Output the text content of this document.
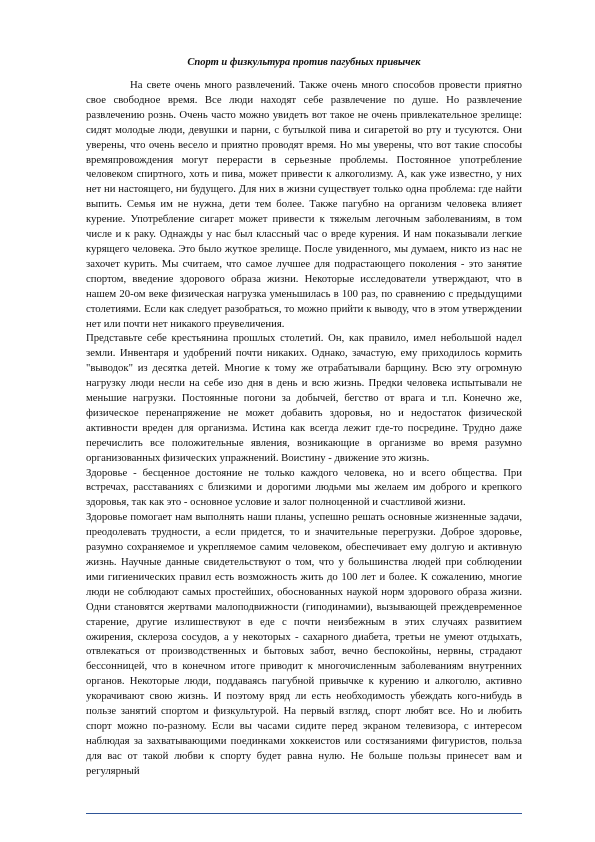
Спорт и физкультура против пагубных привычек

На свете очень много развлечений. Также очень много способов провести приятно свое свободное время. Все люди находят себе развлечение по душе. Но развлечение развлечению рознь. Очень часто можно увидеть вот такое не очень привлекательное зрелище: сидят молодые люди, девушки и парни, с бутылкой пива и сигаретой во рту и тусуются. Они уверены, что очень весело и приятно проводят время. Но мы уверены, что вот такие способы времяпровождения могут перерасти в серьезные проблемы. Постоянное употребление человеком спиртного, хоть и пива, может привести к алкоголизму. А, как уже известно, у них нет ни настоящего, ни будущего. Для них в жизни существует только одна проблема: где найти выпить. Семья им не нужна, дети тем более. Также пагубно на организм человека влияет курение. Употребление сигарет может привести к тяжелым легочным заболеваниям, в том числе и к раку. Однажды у нас был классный час о вреде курения. И нам показывали легкие курящего человека. Это было жуткое зрелище. После увиденного, мы думаем, никто из нас не захочет курить. Мы считаем, что самое лучшее для подрастающего поколения - это занятие спортом, введение здорового образа жизни. Некоторые исследователи утверждают, что в нашем 20-ом веке физическая нагрузка уменьшилась в 100 раз, по сравнению с предыдущими столетиями. Если как следует разобраться, то можно прийти к выводу, что в этом утверждении нет или почти нет никакого преувеличения.

Представьте себе крестьянина прошлых столетий. Он, как правило, имел небольшой надел земли. Инвентаря и удобрений почти никаких. Однако, зачастую, ему приходилось кормить "выводок" из десятка детей. Многие к тому же отрабатывали барщину. Всю эту огромную нагрузку люди несли на себе изо дня в день и всю жизнь. Предки человека испытывали не меньшие нагрузки. Постоянные погони за добычей, бегство от врага и т.п. Конечно же, физическое перенапряжение не может добавить здоровья, но и недостаток физической активности вреден для организма. Истина как всегда лежит где-то посредине. Трудно даже перечислить все положительные явления, возникающие в организме во время разумно организованных физических упражнений. Воистину - движение это жизнь.

Здоровье - бесценное достояние не только каждого человека, но и всего общества. При встречах, расставаниях с близкими и дорогими людьми мы желаем им доброго и крепкого здоровья, так как это - основное условие и залог полноценной и счастливой жизни.

Здоровье помогает нам выполнять наши планы, успешно решать основные жизненные задачи, преодолевать трудности, а если придется, то и значительные перегрузки. Доброе здоровье, разумно сохраняемое и укрепляемое самим человеком, обеспечивает ему долгую и активную жизнь. Научные данные свидетельствуют о том, что у большинства людей при соблюдении ими гигиенических правил есть возможность жить до 100 лет и более. К сожалению, многие люди не соблюдают самых простейших, обоснованных наукой норм здорового образа жизни. Одни становятся жертвами малоподвижности (гиподинамии), вызывающей преждевременное старение, другие излишествуют в еде с почти неизбежным в этих случаях развитием ожирения, склероза сосудов, а у некоторых - сахарного диабета, третьи не умеют отдыхать, отвлекаться от производственных и бытовых забот, вечно беспокойны, нервны, страдают бессонницей, что в конечном итоге приводит к многочисленным заболеваниям внутренних органов. Некоторые люди, поддаваясь пагубной привычке к курению и алкоголю, активно укорачивают свою жизнь. И поэтому вряд ли есть необходимость убеждать кого-нибудь в пользе занятий спортом и физкультурой. На первый взгляд, спорт любят все. Но и любить спорт можно по-разному. Если вы часами сидите перед экраном телевизора, с интересом наблюдая за захватывающими поединками хоккеистов или состязаниями фигуристов, польза для вас от такой любви к спорту будет равна нулю. Не больше пользы принесет вам и регулярный
